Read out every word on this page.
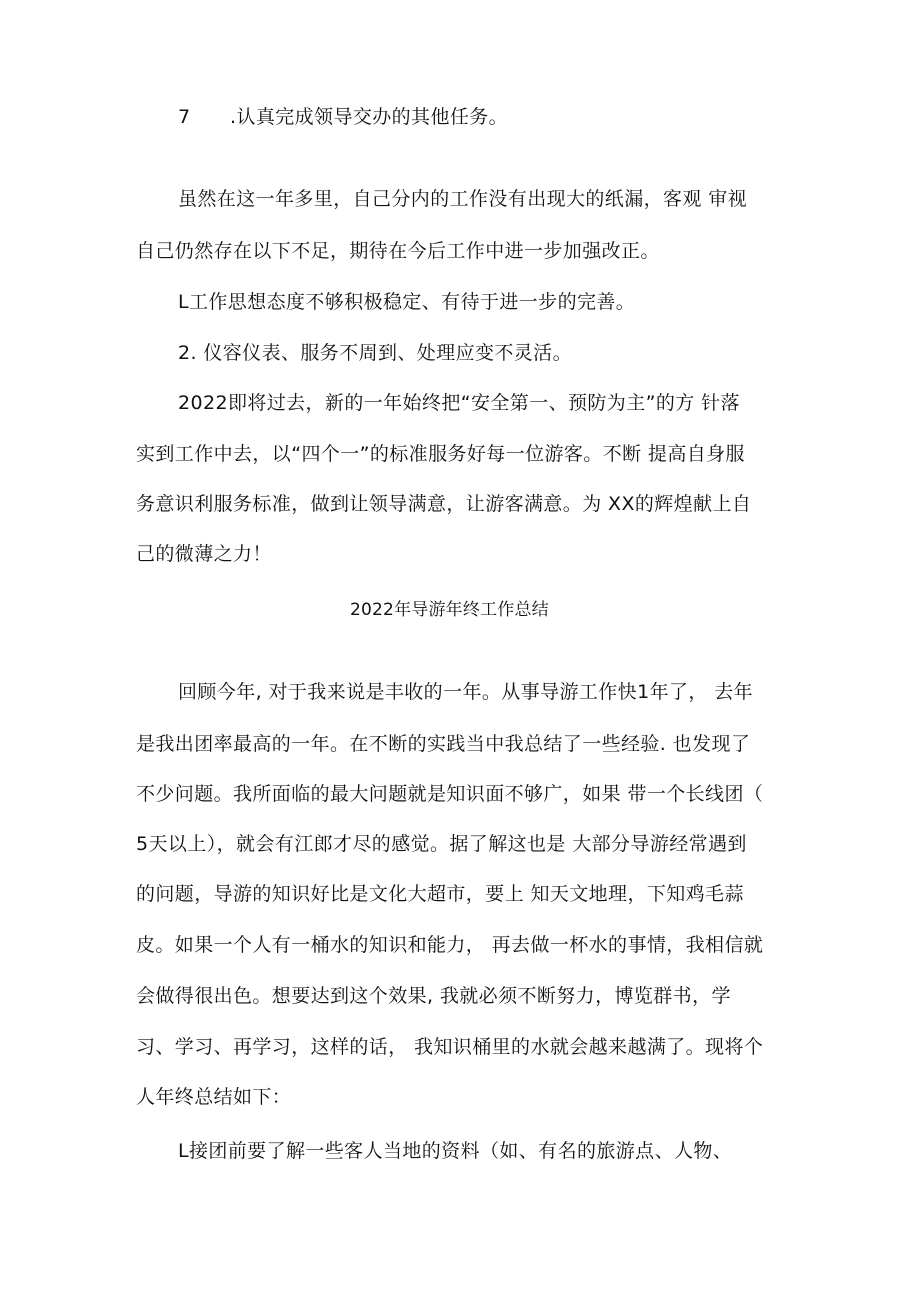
7 .认真完成领导交办的其他任务。
虽然在这一年多里，自己分内的工作没有出现大的纸漏，客观 审视
自己仍然存在以下不足，期待在今后工作中进一步加强改正。
L工作思想态度不够积极稳定、有待于进一步的完善。
2. 仪容仪表、服务不周到、处理应变不灵活。
2022即将过去，新的一年始终把“安全第一、预防为主”的方 针落
实到工作中去，以“四个一”的标准服务好每一位游客。不断 提高自身服
务意识利服务标准，做到让领导满意，让游客满意。为 XX的辉煌献上自
己的微薄之力！
2022年导游年终工作总结
回顾今年, 对于我来说是丰收的一年。从事导游工作快1年了， 去年
是我出团率最高的一年。在不断的实践当中我总结了一些经验. 也发现了
不少问题。我所面临的最大问题就是知识面不够广，如果 带一个长线团（
5天以上），就会有江郎才尽的感觉。据了解这也是 大部分导游经常遇到
的问题，导游的知识好比是文化大超市，要上 知天文地理，下知鸡毛蒜
皮。如果一个人有一桶水的知识和能力， 再去做一杯水的事情，我相信就
会做得很出色。想要达到这个效果, 我就必须不断努力，博览群书，学
习、学习、再学习，这样的话， 我知识桶里的水就会越来越满了。现将个
人年终总结如下：
L接团前要了解一些客人当地的资料（如、有名的旅游点、人物、
